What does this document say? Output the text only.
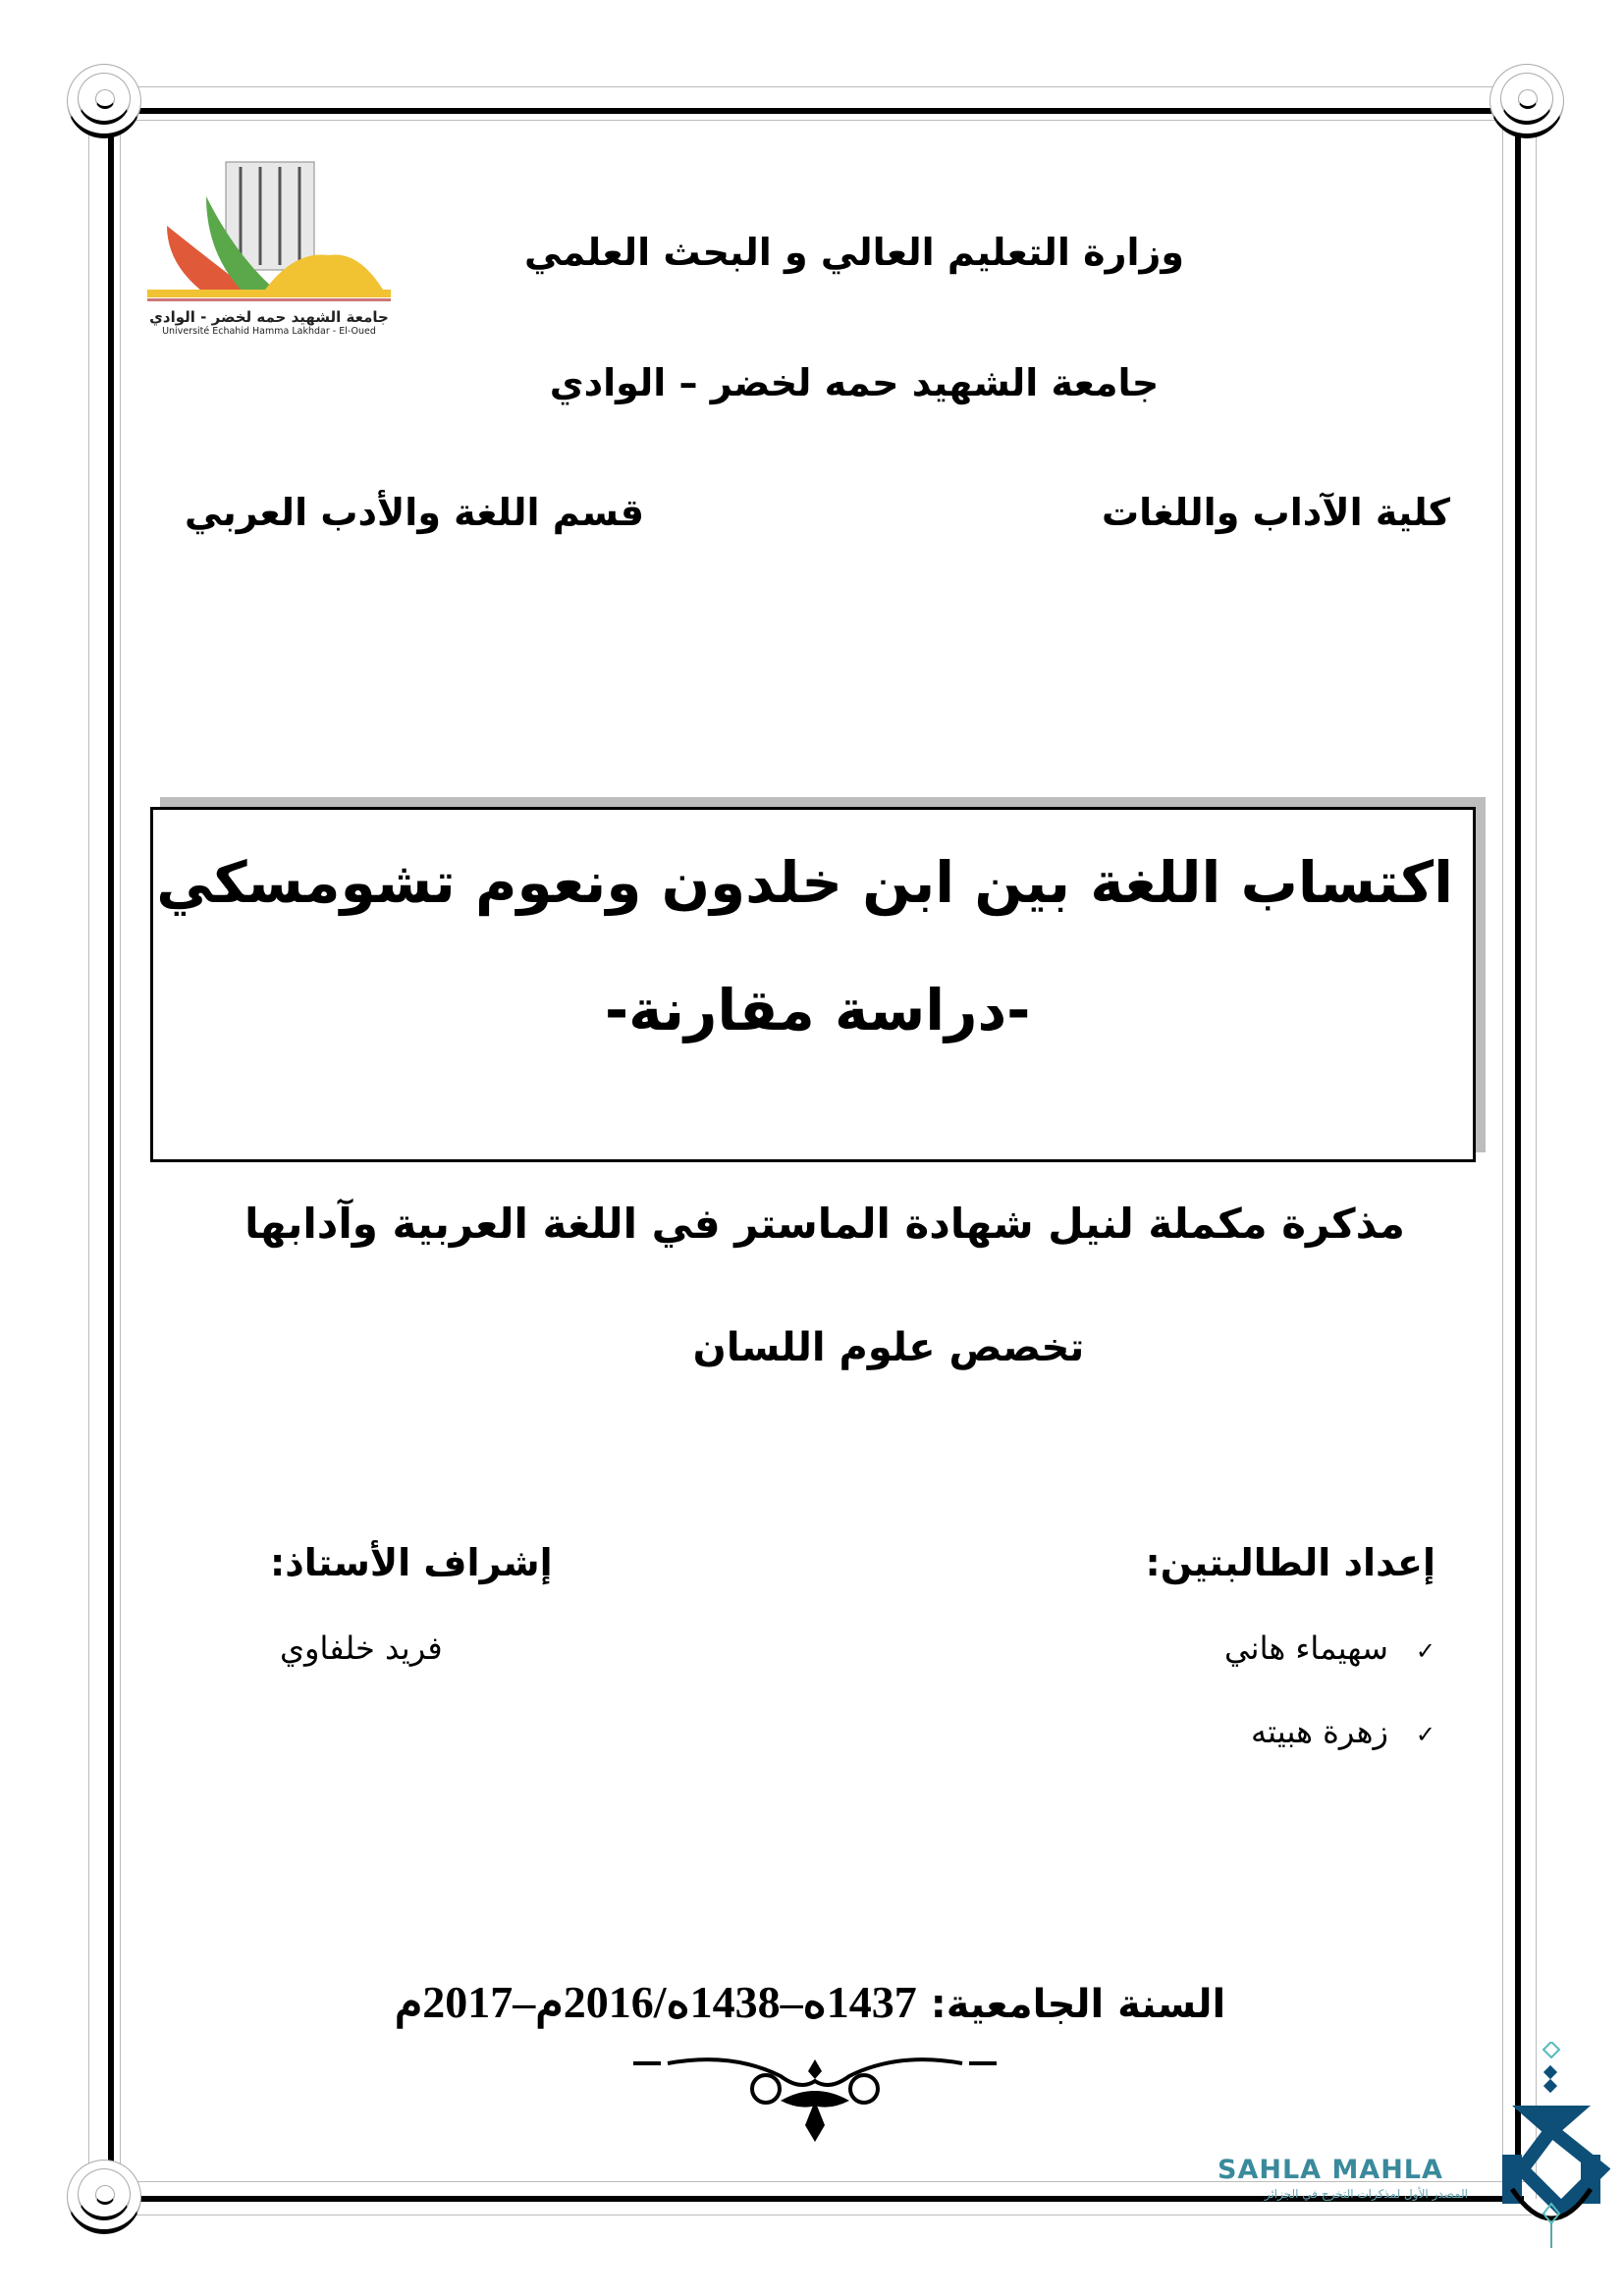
جامعة الشهيد حمه لخضر - الوادي
Université Echahid Hamma Lakhdar - El-Oued
وزارة التعليم العالي و البحث العلمي
جامعة الشهيد حمه لخضر – الوادي
كلية الآداب واللغات
قسم اللغة والأدب العربي
اكتساب اللغة بين ابن خلدون ونعوم تشومسكي
-دراسة مقارنة-
مذكرة مكملة لنيل شهادة الماستر في اللغة العربية وآدابها
تخصص علوم اللسان
إعداد الطالبتين:
✓سهيماء هاني
✓زهرة هبيته
إشراف الأستاذ:
فريد خلفاوي
السنة الجامعية: 1437ه–1438ه/2016م–2017م
SAHLA MAHLA
المصدر الأول لمذكرات التخرج في الجزائر
